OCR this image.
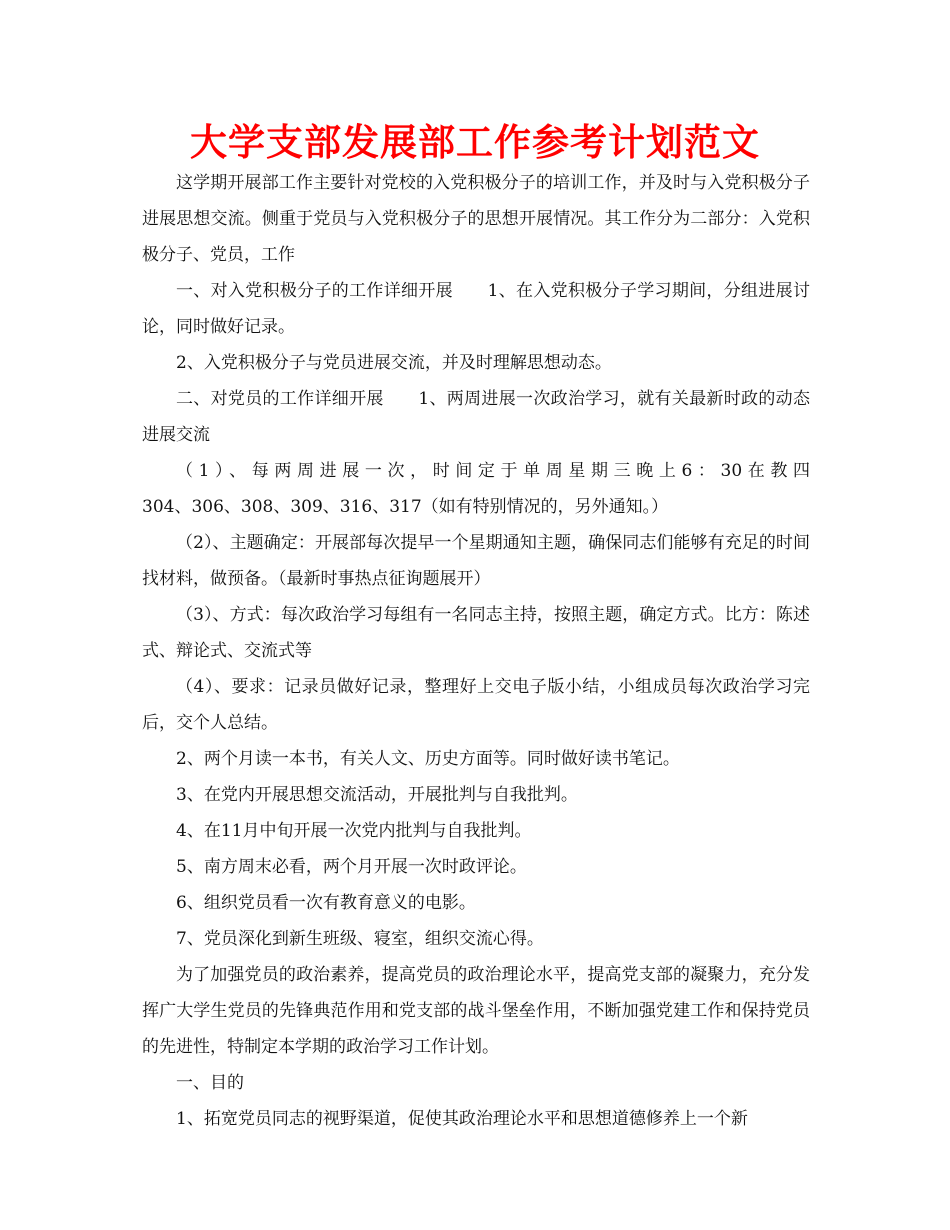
大学支部发展部工作参考计划范文

这学期开展部工作主要针对党校的入党积极分子的培训工作，并及时与入党积极分子进展思想交流。侧重于党员与入党积极分子的思想开展情况。其工作分为二部分：入党积极分子、党员，工作

一、对入党积极分子的工作详细开展　　1、在入党积极分子学习期间，分组进展讨论，同时做好记录。

2、入党积极分子与党员进展交流，并及时理解思想动态。

二、对党员的工作详细开展　　1、两周进展一次政治学习，就有关最新时政的动态进展交流

（1）、每两周进展一次，时间定于单周星期三晚上6：30在教四

304、306、308、309、316、317（如有特别情况的，另外通知。）

（2）、主题确定：开展部每次提早一个星期通知主题，确保同志们能够有充足的时间找材料，做预备。（最新时事热点征询题展开）

（3）、方式：每次政治学习每组有一名同志主持，按照主题，确定方式。比方：陈述式、辩论式、交流式等

（4）、要求：记录员做好记录，整理好上交电子版小结，小组成员每次政治学习完后，交个人总结。

2、两个月读一本书，有关人文、历史方面等。同时做好读书笔记。

3、在党内开展思想交流活动，开展批判与自我批判。

4、在11月中旬开展一次党内批判与自我批判。

5、南方周末必看，两个月开展一次时政评论。

6、组织党员看一次有教育意义的电影。

7、党员深化到新生班级、寝室，组织交流心得。

为了加强党员的政治素养，提高党员的政治理论水平，提高党支部的凝聚力，充分发挥广大学生党员的先锋典范作用和党支部的战斗堡垒作用，不断加强党建工作和保持党员的先进性，特制定本学期的政治学习工作计划。

一、目的

1、拓宽党员同志的视野渠道，促使其政治理论水平和思想道德修养上一个新
